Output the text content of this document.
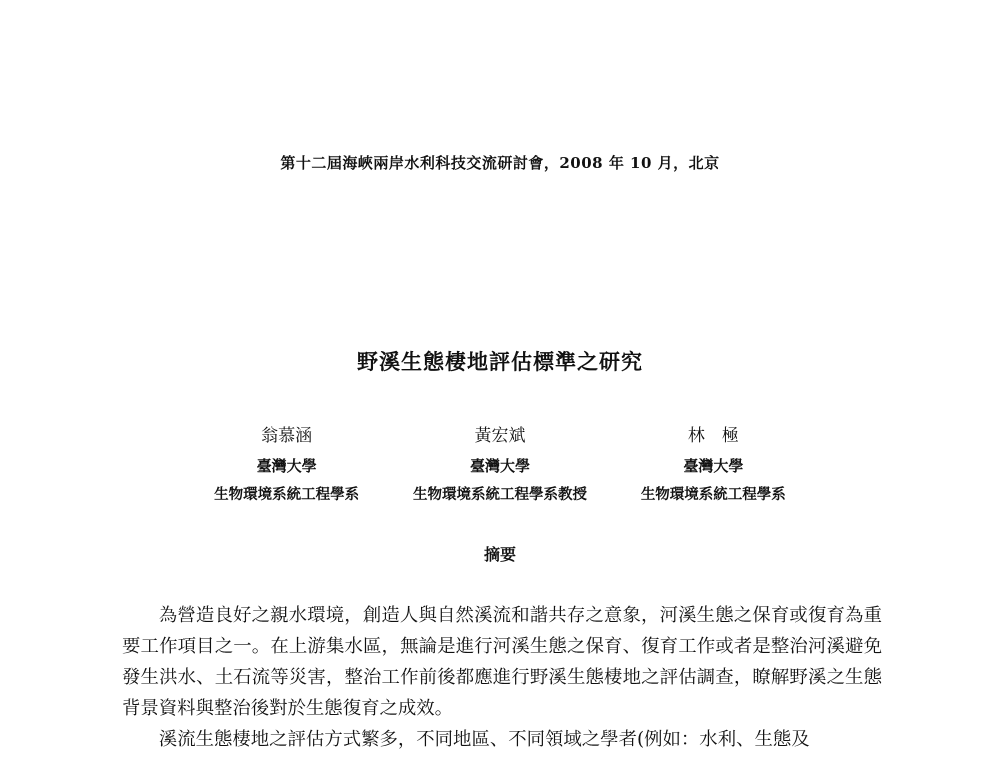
第十二屆海峽兩岸水利科技交流研討會，2008 年 10 月，北京
野溪生態棲地評估標準之研究
翁慕涵
臺灣大學
生物環境系統工程學系
黃宏斌
臺灣大學
生物環境系統工程學系教授
林　極
臺灣大學
生物環境系統工程學系
摘要

為營造良好之親水環境，創造人與自然溪流和諧共存之意象，河溪生態之保育或復育為重要工作項目之一。在上游集水區，無論是進行河溪生態之保育、復育工作或者是整治河溪避免發生洪水、土石流等災害，整治工作前後都應進行野溪生態棲地之評估調查，瞭解野溪之生態背景資料與整治後對於生態復育之成效。

溪流生態棲地之評估方式繁多，不同地區、不同領域之學者(例如：水利、生態及
